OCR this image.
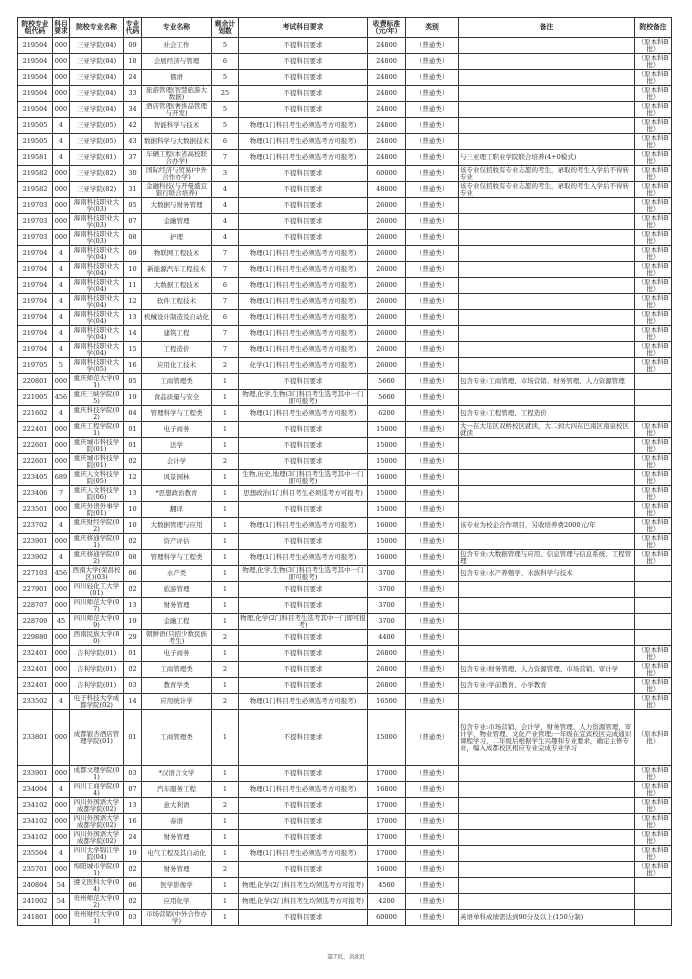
院校专业组代码	科目要求	院校专业名称	专业代码	专业名称	剩余计划数	考试科目要求	收费标准（元/年）	类别	备注	院校备注
219504	000	三亚学院(04)	09	社会工作	5	不提科目要求	24800	（普通类）		（原本科B批）
219504	000	三亚学院(04)	18	会展经济与管理	6	不提科目要求	24800	（普通类）		（原本科B批）
219504	000	三亚学院(04)	24	俄语	5	不提科目要求	24800	（普通类）		（原本科B批）
219504	000	三亚学院(04)	33	旅游管理(智慧旅游大数据)	25	不提科目要求	24800	（普通类）		（原本科B批）
219504	000	三亚学院(04)	34	酒店管理(奢侈品管理与开发)	5	不提科目要求	24800	（普通类）		（原本科B批）
219505	4	三亚学院(05)	42	智能科学与技术	5	物理(1门科目考生必须选考方可报考)	24800	（普通类）		（原本科B批）
219505	4	三亚学院(05)	43	数据科学与大数据技术	6	物理(1门科目考生必须选考方可报考)	24800	（普通类）		（原本科B批）
219581	4	三亚学院(81)	37	车辆工程(本省高校联合办学)	7	物理(1门科目考生必须选考方可报考)	24800	（普通类）	与三亚理工职业学院联合培养(4+0模式)	（原本科B批）
219582	000	三亚学院(82)	30	国际经济与贸易(中外合作办学)	3	不提科目要求	60000	（普通类）	该专业仅招收有专业志愿的考生，录取的考生入学后不得转专业	（原本科B批）
219582	000	三亚学院(82)	31	金融科技(与开曼盛宜银行联合培养)	4	不提科目要求	48000	（普通类）	该专业仅招收有专业志愿的考生，录取的考生入学后不得转专业	（原本科B批）
219703	000	海南科技职业大学(03)	05	大数据与财务管理	4	不提科目要求	26000	（普通类）		（原本科B批）
219703	000	海南科技职业大学(03)	07	金融管理	4	不提科目要求	26000	（普通类）		（原本科B批）
219703	000	海南科技职业大学(03)	08	护理	4	不提科目要求	26000	（普通类）		（原本科B批）
219704	4	海南科技职业大学(04)	09	物联网工程技术	7	物理(1门科目考生必须选考方可报考)	26000	（普通类）		（原本科B批）
219704	4	海南科技职业大学(04)	10	新能源汽车工程技术	7	物理(1门科目考生必须选考方可报考)	26000	（普通类）		（原本科B批）
219704	4	海南科技职业大学(04)	11	大数据工程技术	6	物理(1门科目考生必须选考方可报考)	26000	（普通类）		（原本科B批）
219704	4	海南科技职业大学(04)	12	软件工程技术	7	物理(1门科目考生必须选考方可报考)	26000	（普通类）		（原本科B批）
219704	4	海南科技职业大学(04)	13	机械设计制造及自动化	6	物理(1门科目考生必须选考方可报考)	26000	（普通类）		（原本科B批）
219704	4	海南科技职业大学(04)	14	建筑工程	7	物理(1门科目考生必须选考方可报考)	26000	（普通类）		（原本科B批）
219704	4	海南科技职业大学(04)	15	工程造价	7	物理(1门科目考生必须选考方可报考)	26000	（普通类）		（原本科B批）
219705	5	海南科技职业大学(05)	16	应用化工技术	2	化学(1门科目考生必须选考方可报考)	26000	（普通类）		（原本科B批）
220801	000	重庆师范大学(01)	05	工商管理类	1	不提科目要求	5600	（普通类）	包含专业:工商管理、市场营销、财务管理、人力资源管理	
221005	456	重庆三峡学院(05)	19	食品质量与安全	1	物理,化学,生物(3门科目考生选考其中一门即可报考)	5600	（普通类）		
221602	4	重庆科技学院(02)	04	管理科学与工程类	1	物理(1门科目考生必须选考方可报考)	6200	（普通类）	包含专业:工程管理、工程造价	
222401	000	重庆工程学院(01)	01	电子商务	1	不提科目要求	15000	（普通类）	大一在大足区双桥校区就读，大二到大四在巴南区南泉校区就读	（原本科B批）
222601	000	重庆城市科技学院(01)	01	法学	1	不提科目要求	15000	（普通类）		（原本科B批）
222601	000	重庆城市科技学院(01)	02	会计学	2	不提科目要求	15000	（普通类）		（原本科B批）
223405	689	重庆人文科技学院(05)	12	风景园林	1	生物,历史,地理(3门科目考生选考其中一门即可报考)	16000	（普通类）		（原本科B批）
223406	7	重庆人文科技学院(06)	13	*思想政治教育	1	思想政治(1门科目考生必须选考方可报考)	15000	（普通类）		（原本科B批）
223501	000	重庆外语外事学院(01)	10	翻译	1	不提科目要求	15000	（普通类）		（原本科B批）
223702	4	重庆财经学院(02)	10	大数据管理与应用	1	物理(1门科目考生必须选考方可报考)	16000	（普通类）	该专业为校企合作项目，另收培养费2000元/年	（原本科B批）
223901	000	重庆移通学院(01)	02	资产评估	1	不提科目要求	15000	（普通类）		（原本科B批）
223902	4	重庆移通学院(02)	08	管理科学与工程类	1	物理(1门科目考生必须选考方可报考)	16000	（普通类）	包含专业:大数据管理与应用、信息管理与信息系统、工程管理	（原本科B批）
227103	456	西南大学(荣昌校区)(03)	06	水产类	1	物理,化学,生物(3门科目考生选考其中一门即可报考)	3700	（普通类）	包含专业:水产养殖学、水族科学与技术	
227901	000	四川轻化工大学(01)	02	旅游管理	1	不提科目要求	3700	（普通类）		
228707	000	四川师范大学(07)	13	财务管理	1	不提科目要求	3700	（普通类）		
228709	45	四川师范大学(09)	19	金融工程	1	物理,化学(2门科目考生选考其中一门即可报考)	3700	（普通类）		
229880	000	西南民族大学(80)	29	朝鲜语(只招少数民族考生)	2	不提科目要求	4400	（普通类）		
232401	000	吉利学院(01)	01	电子商务	1	不提科目要求	26800	（普通类）		（原本科B批）
232401	000	吉利学院(01)	02	工商管理类	2	不提科目要求	26800	（普通类）	包含专业:财务管理、人力资源管理、市场营销、审计学	（原本科B批）
232401	000	吉利学院(01)	03	教育学类	1	不提科目要求	26800	（普通类）	包含专业:学前教育、小学教育	（原本科B批）
233502	4	电子科技大学成都学院(02)	14	应用统计学	2	物理(1门科目考生必须选考方可报考)	16500	（普通类）		（原本科B批）
233801	000	成都银杏酒店管理学院(01)	01	工商管理类	1	不提科目要求	15000	（普通类）	包含专业:市场营销、会计学、财务管理、人力资源管理、审计学、物业管理、文化产业管理;一年级在宜宾校区完成通识课程学习，二年级后根据学生兴趣和专业要求，确定主修专业，编入成都校区相应专业完成专业学习	（原本科B批）
233901	000	成都文理学院(01)	03	*汉语言文学	1	不提科目要求	17000	（普通类）		（原本科B批）
234004	4	四川工商学院(04)	07	汽车服务工程	1	物理(1门科目考生必须选考方可报考)	16800	（普通类）		（原本科B批）
234102	000	四川外国语大学成都学院(02)	13	意大利语	2	不提科目要求	17000	（普通类）		（原本科B批）
234102	000	四川外国语大学成都学院(02)	16	泰语	1	不提科目要求	17000	（普通类）		（原本科B批）
234102	000	四川外国语大学成都学院(02)	24	财务管理	1	不提科目要求	17000	（普通类）		（原本科B批）
235504	4	四川大学锦江学院(04)	19	电气工程及其自动化	1	物理(1门科目考生必须选考方可报考)	17000	（普通类）		（原本科B批）
235701	000	绵阳城市学院(01)	02	财务管理	2	不提科目要求	16000	（普通类）		（原本科B批）
240804	54	遵义医科大学(04)	06	医学影像学	1	物理,化学(2门科目考生均须选考方可报考)	4500	（普通类）		
241002	54	贵州师范大学(02)	02	应用化学	1	物理,化学(2门科目考生均须选考方可报考)	4200	（普通类）		
241801	000	贵州财经大学(01)	03	市场营销(中外合作办学)	1	不提科目要求	60000	（普通类）	英语单科成绩需达到90分及以上(150分制)	
第7页，共8页
